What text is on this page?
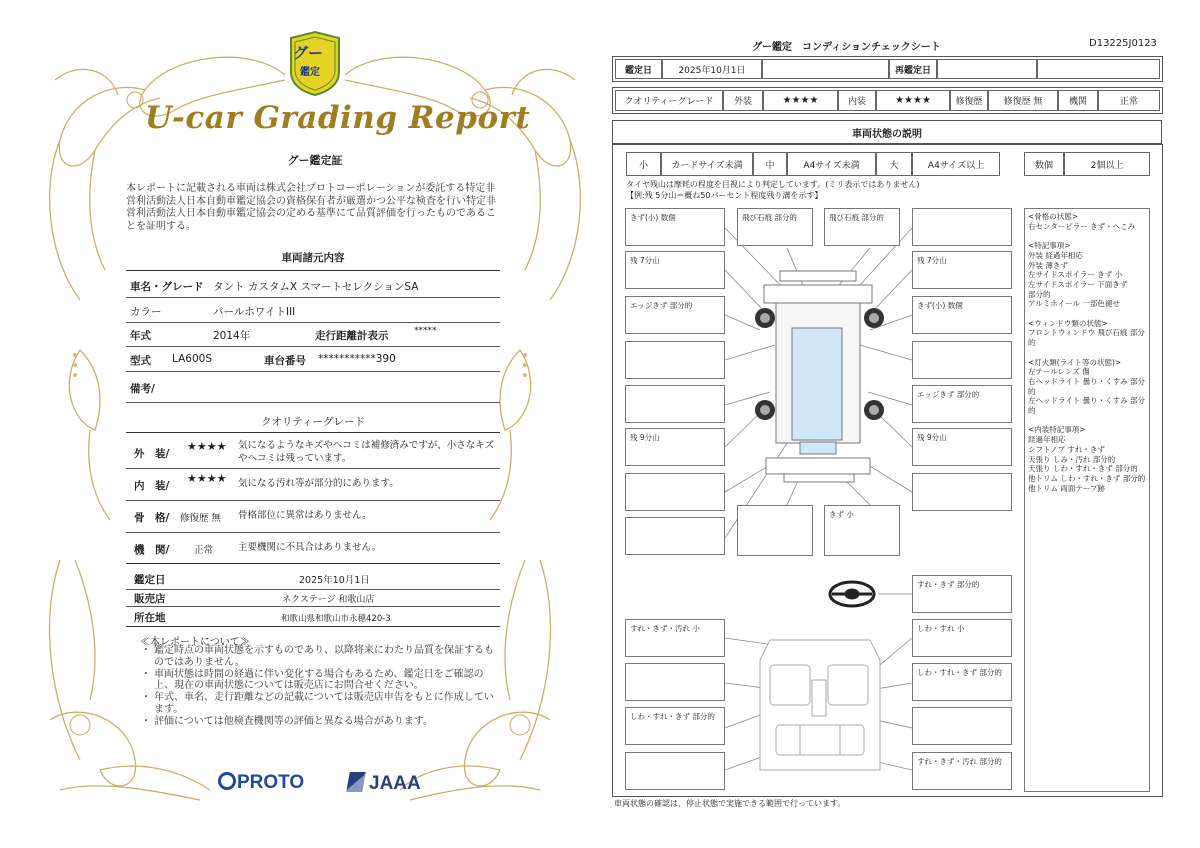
グー
鑑定
U-car Grading Report
グー鑑定証
本レポートに記載される車両は株式会社プロトコーポレーションが委託する特定非営利活動法人日本自動車鑑定協会の資格保有者が厳選かつ公平な検査を行い特定非営利活動法人日本自動車鑑定協会の定める基準にて品質評価を行ったものであることを証明する。
車両諸元内容
車名・グレード タント カスタムX スマートセレクションSA
カラー	パールホワイトIII
年式	2014年	走行距離計表示	*****
型式 LA600S	車台番号 ***********390
備考/
クオリティーグレード
外　装/
★★★★ 気になるようなキズやヘコミは補修済みですが、小さなキズやヘコミは残っています。
内　装/
★★★★ 気になる汚れ等が部分的にあります。
骨　格/ 修復歴 無 骨格部位に異常はありません。
機　関/	正常	主要機関に不具合はありません。
鑑定日	2025年10月1日
販売店	ネクステージ 和歌山店
所在地	和歌山県和歌山市永穂420-3
≪本レポートについて≫
・ 鑑定時点の車両状態を示すものであり、以降将来にわたり品質を保証するものではありません。
・ 車両状態は時間の経過に伴い変化する場合もあるため、鑑定日をご確認の上、現在の車両状態については販売店にお問合せください。
・ 年式、車名、走行距離などの記載については販売店申告をもとに作成しています。
・ 評価については他検査機関等の評価と異なる場合があります。
PROTO	JAAA
グー鑑定　コンディションチェックシート	D13225J0123
鑑定日	2025年10月1日	再鑑定日
クオリティーグレード	外装	★★★★	内装	★★★★	修復歴	修復歴 無	機関	正常
車両状態の説明
小	カードサイズ未満	中	A4サイズ未満	大	A4サイズ以上	数個	2個以上
タイヤ残山は摩耗の程度を目視により判定しています。(ミリ表示ではありません)
【例:残 5分山＝概ね50パーセント程度残り溝を示す】
きず(小) 数個	飛び石痕 部分的	飛び石痕 部分的
残 7分山	残 7分山
エッジきず 部分的	きず(小) 数個
エッジきず 部分的
残 9分山	残 9分山
きず 小
すれ・きず 部分的
すれ・きず・汚れ 小	しわ・すれ 小
しわ・すれ・きず 部分的
しわ・すれ・きず 部分的
すれ・きず・汚れ 部分的
<骨格の状態>
右センターピラー きず・へこみ
<特記事項>
外装 経過年相応
外装 薄きず
左サイドスポイラー きず 小
左サイドスポイラー 下面きず
部分的
アルミホイール 一部色褪せ
<ウィンドウ類の状態>
フロントウィンドウ 飛び石痕 部分的
<灯火類(ライト等の状態)>
左テールレンズ 傷
右ヘッドライト 曇り・くすみ 部分的
左ヘッドライト 曇り・くすみ 部分的
<内装特記事項>
経過年相応
シフトノブ すれ・きず
天張り しみ・汚れ 部分的
天張り しわ・すれ・きず 部分的
他トリム しわ・すれ・きず 部分的
他トリム 両面テープ跡
車両状態の確認は、停止状態で実施できる範囲で行っています。
